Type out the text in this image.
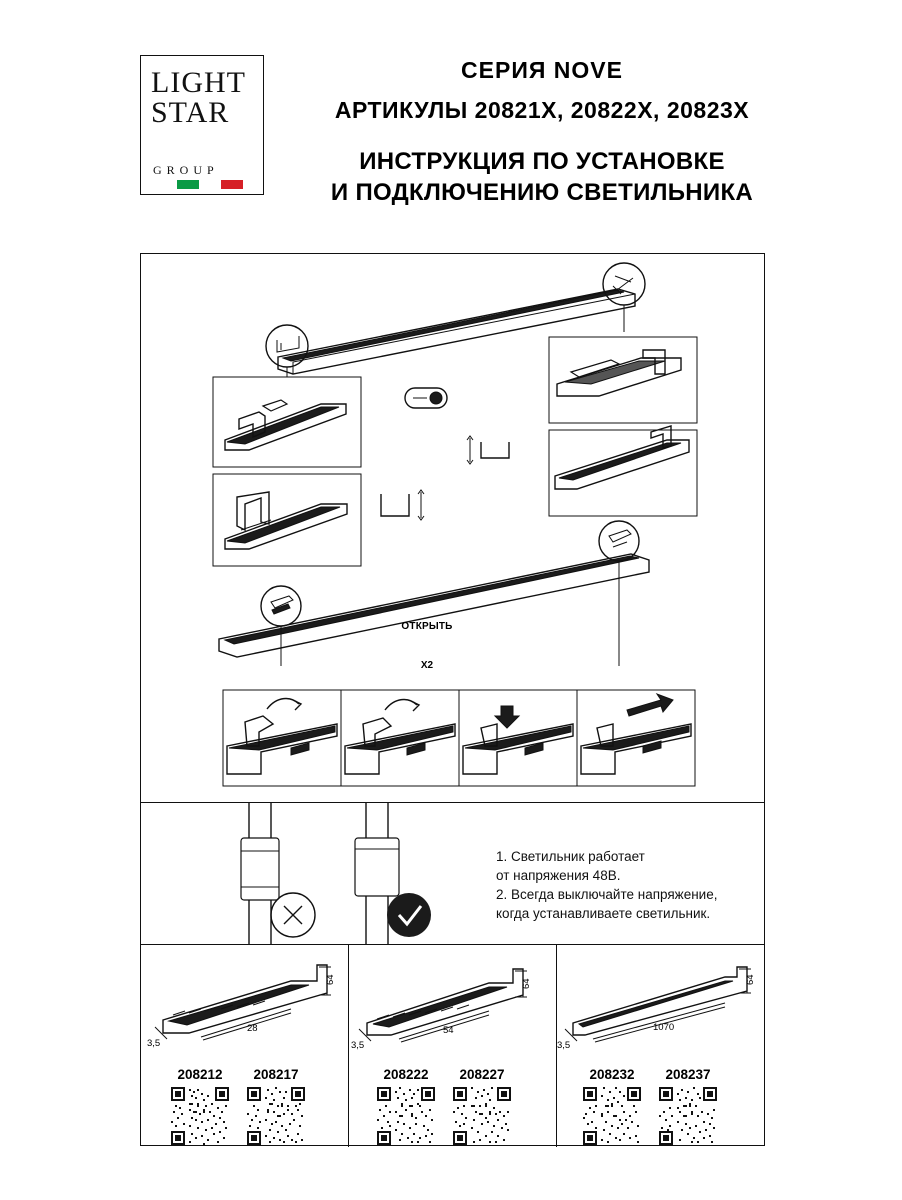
LIGHT
STAR
GROUP
СЕРИЯ NOVE
АРТИКУЛЫ 20821X, 20822X, 20823X
ИНСТРУКЦИЯ ПО УСТАНОВКЕ
И ПОДКЛЮЧЕНИЮ СВЕТИЛЬНИКА
ОТКРЫТЬ
X2
1. Светильник работает
от напряжения 48В.
2. Всегда выключайте напряжение,
когда устанавливаете светильник.
64
28
3,5
208212	208217
64
54
3,5
208222	208227
64
1070
3,5
208232	208237
